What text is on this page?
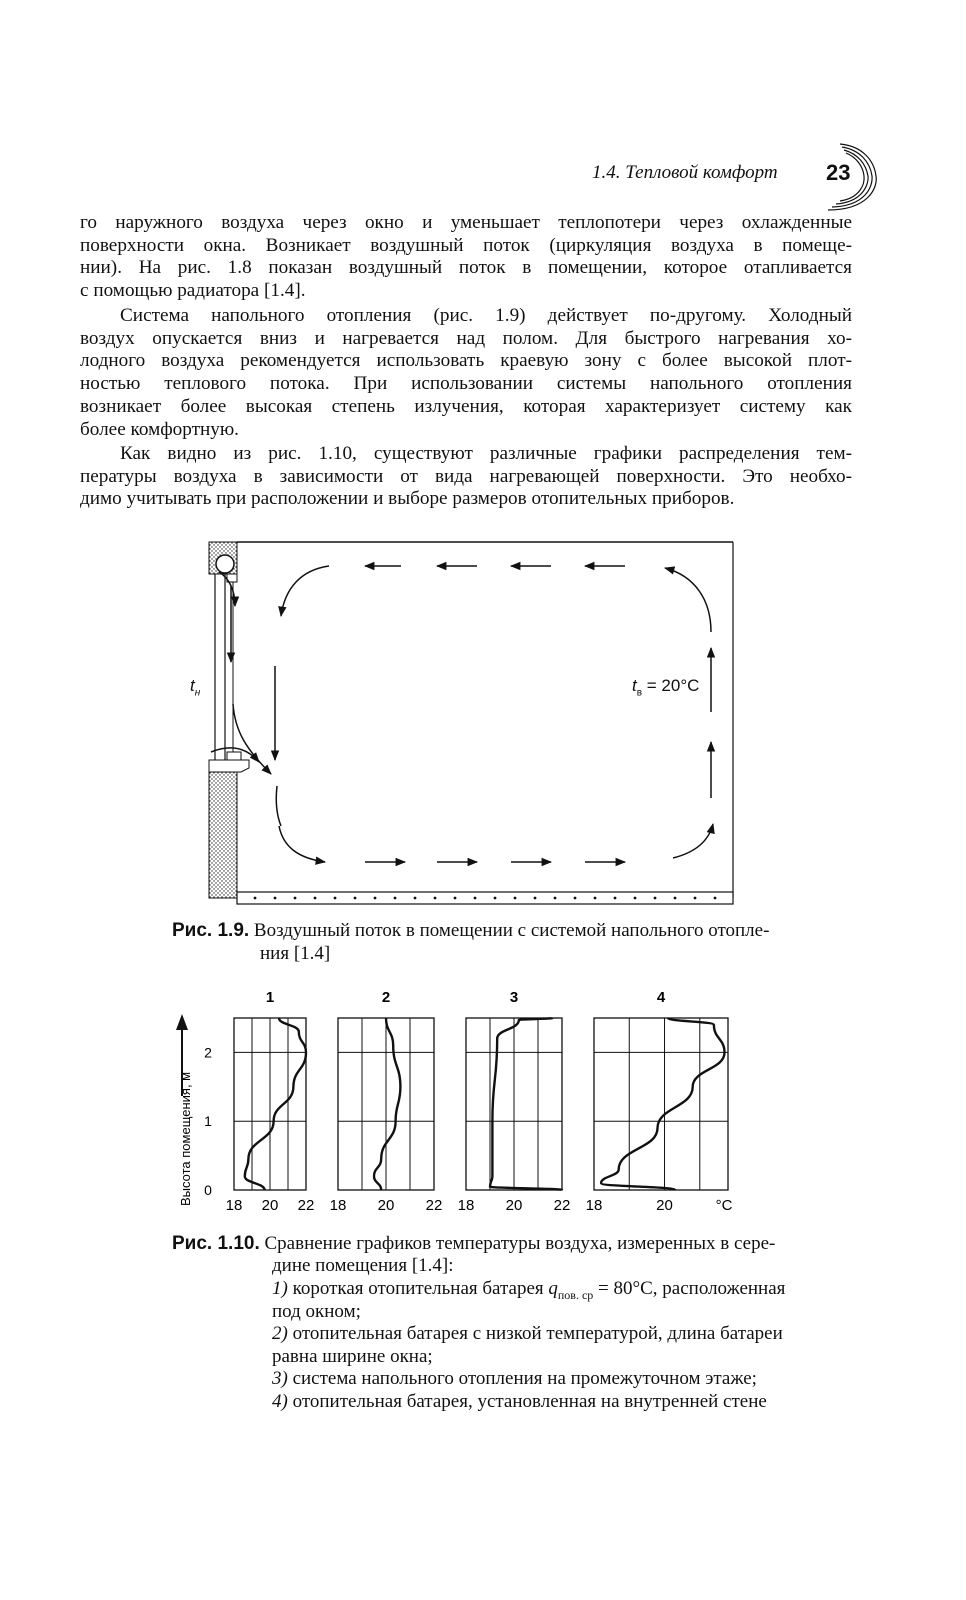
1.4. Тепловой комфорт 23
го наружного воздуха через окно и уменьшает теплопотери через охлажденные
поверхности окна. Возникает воздушный поток (циркуляция воздуха в помеще-
нии). На рис. 1.8 показан воздушный поток в помещении, которое отапливается
с помощью радиатора [1.4].
Система напольного отопления (рис. 1.9) действует по-другому. Холодный
воздух опускается вниз и нагревается над полом. Для быстрого нагревания хо-
лодного воздуха рекомендуется использовать краевую зону с более высокой плот-
ностью теплового потока. При использовании системы напольного отопления
возникает более высокая степень излучения, которая характеризует систему как
более комфортную.
Как видно из рис. 1.10, существуют различные графики распределения тем-
пературы воздуха в зависимости от вида нагревающей поверхности. Это необхо-
димо учитывать при расположении и выборе размеров отопительных приборов.
$t_н$	$t_в = 20^\circ С$
Рис. 1.9. Воздушный поток в помещении с системой напольного отопле-
ния [1.4]
Высота помещения, м
2
1
0
1
18 20 22
2
18 20 22
3
18 20 22
4
18	20	°С
Рис. 1.10. Сравнение графиков температуры воздуха, измеренных в сере-
дине помещения [1.4]:
1) короткая отопительная батарея $q_{пов. ср} = 80^\circ С$, расположенная
под окном;
2) отопительная батарея с низкой температурой, длина батареи
равна ширине окна;
3) система напольного отопления на промежуточном этаже;
4) отопительная батарея, установленная на внутренней стене
